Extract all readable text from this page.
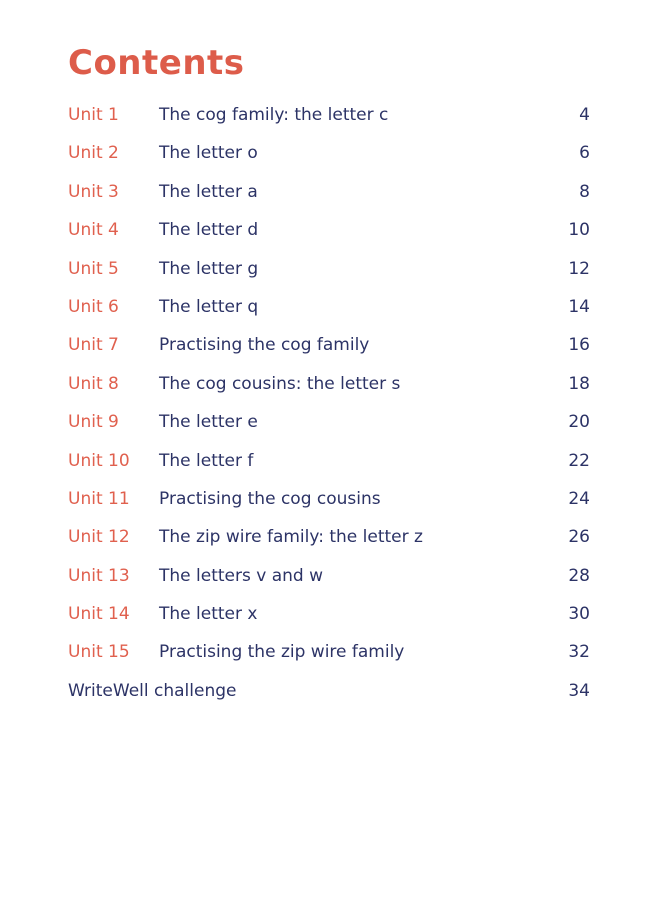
Contents
Unit 1 The cog family: the letter c	4
Unit 2 The letter o	6
Unit 3 The letter a	8
Unit 4 The letter d	10
Unit 5 The letter g	12
Unit 6 The letter q	14
Unit 7 Practising the cog family	16
Unit 8 The cog cousins: the letter s	18
Unit 9 The letter e	20
Unit 10 The letter f	22
Unit 11 Practising the cog cousins	24
Unit 12 The zip wire family: the letter z	26
Unit 13 The letters v and w	28
Unit 14 The letter x	30
Unit 15 Practising the zip wire family	32
WriteWell challenge	34
